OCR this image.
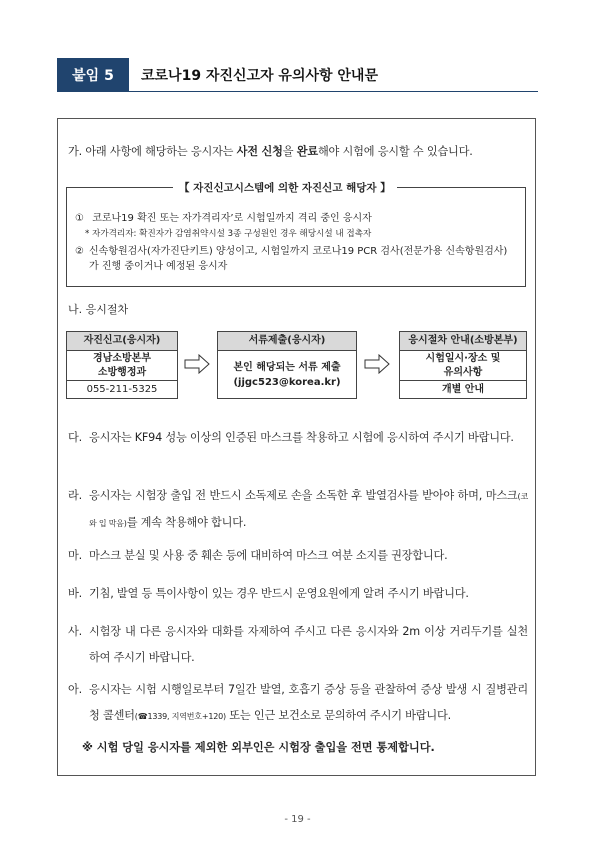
붙임 5	코로나19 자진신고자 유의사항 안내문
가. 아래 사항에 해당하는 응시자는 사전 신청을 완료해야 시험에 응시할 수 있습니다.
【 자진신고시스템에 의한 자진신고 해당자 】
① 코로나19 확진 또는 자가격리자’로 시험일까지 격리 중인 응시자
* 자가격리자: 확진자가 감염취약시설 3종 구성원인 경우 해당시설 내 접촉자
② 신속항원검사(자가진단키트) 양성이고, 시험일까지 코로나19 PCR 검사(전문가용 신속항원검사)가 진행 중이거나 예정된 응시자
나. 응시절차
자진신고(응시자)
경남소방본부
소방행정과
055-211-5325
서류제출(응시자)
본인 해당되는 서류 제출
(jjgc523@korea.kr)
응시절차 안내(소방본부)
시험일시·장소 및
유의사항
개별 안내
다. 응시자는 KF94 성능 이상의 인증된 마스크를 착용하고 시험에 응시하여 주시기 바랍니다.
라. 응시자는 시험장 출입 전 반드시 소독제로 손을 소독한 후 발열검사를 받아야 하며, 마스크(코와 입 막음)를 계속 착용해야 합니다.
마. 마스크 분실 및 사용 중 훼손 등에 대비하여 마스크 여분 소지를 권장합니다.
바. 기침, 발열 등 특이사항이 있는 경우 반드시 운영요원에게 알려 주시기 바랍니다.
사. 시험장 내 다른 응시자와 대화를 자제하여 주시고 다른 응시자와 2m 이상 거리두기를 실천하여 주시기 바랍니다.
아. 응시자는 시험 시행일로부터 7일간 발열, 호흡기 증상 등을 관찰하여 증상 발생 시 질병관리청 콜센터(☎1339, 지역번호+120) 또는 인근 보건소로 문의하여 주시기 바랍니다.
※ 시험 당일 응시자를 제외한 외부인은 시험장 출입을 전면 통제합니다.
- 19 -
